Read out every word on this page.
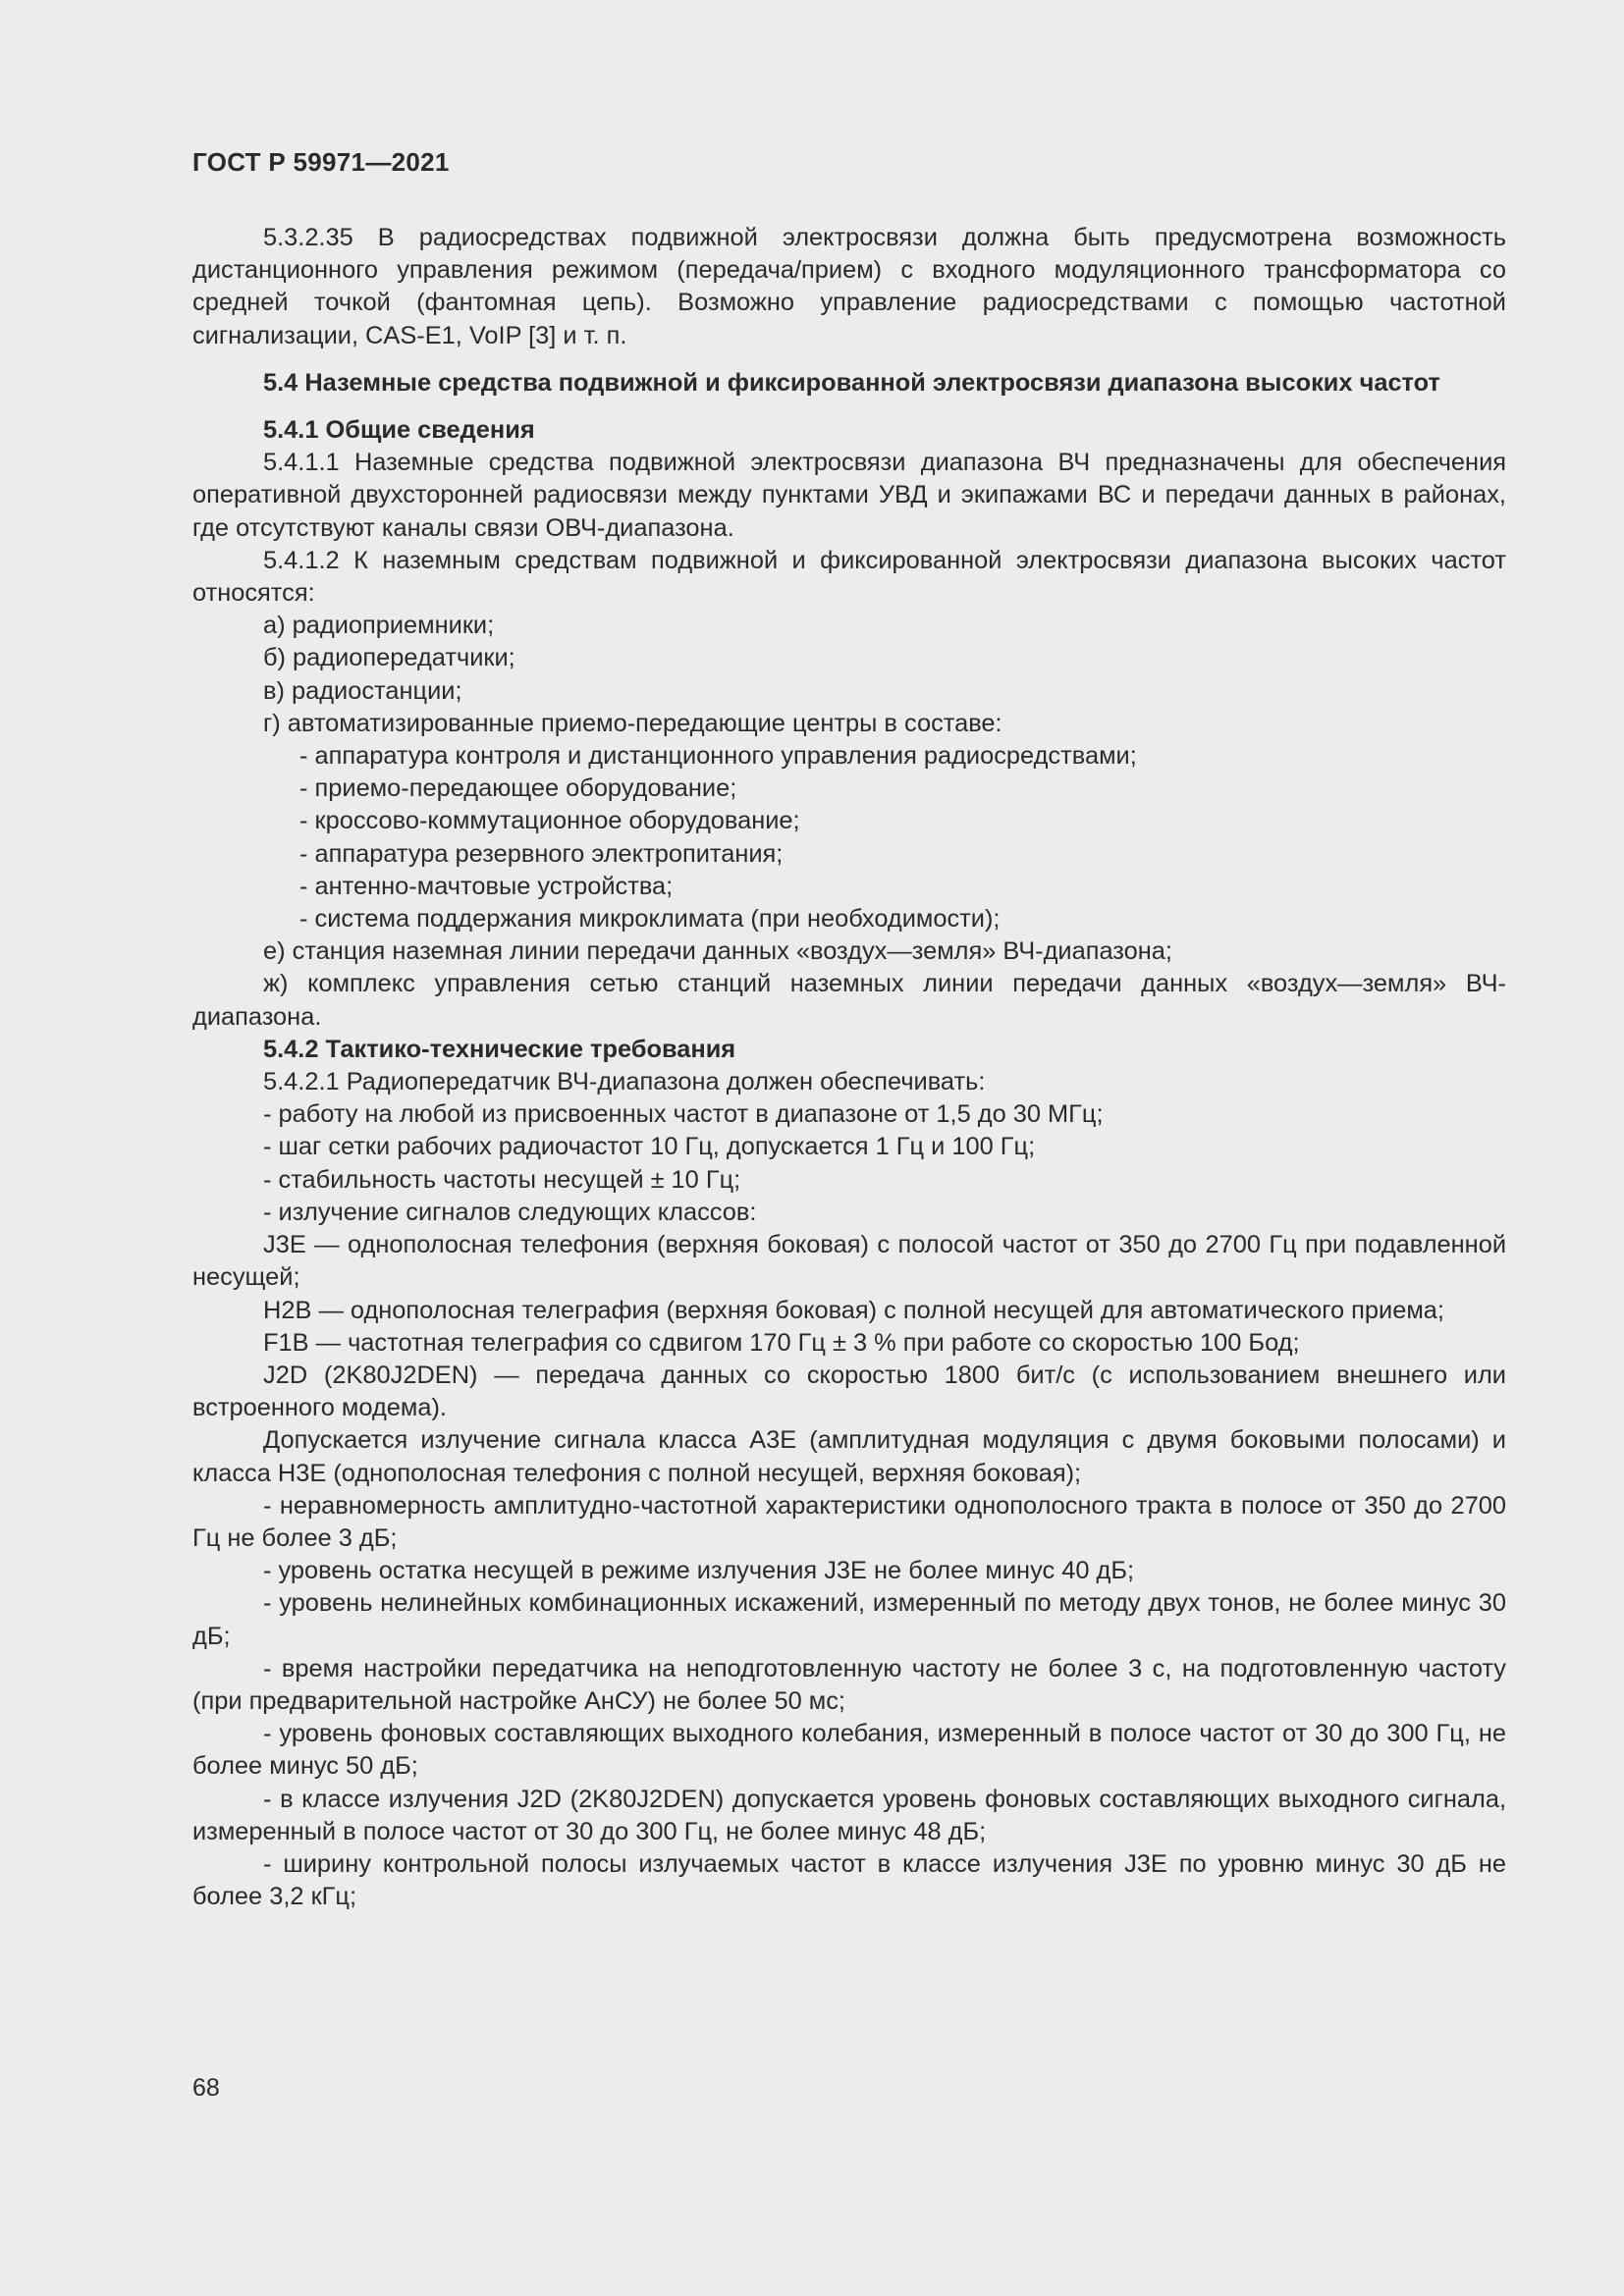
ГОСТ Р 59971—2021

5.3.2.35 В радиосредствах подвижной электросвязи должна быть предусмотрена возможность дистанционного управления режимом (передача/прием) с входного модуляционного трансформатора со средней точкой (фантомная цепь). Возможно управление радиосредствами с помощью частотной сигнализации, CAS-E1, VoIP [3] и т. п.

5.4 Наземные средства подвижной и фиксированной электросвязи диапазона высоких частот

5.4.1 Общие сведения

5.4.1.1 Наземные средства подвижной электросвязи диапазона ВЧ предназначены для обеспечения оперативной двухсторонней радиосвязи между пунктами УВД и экипажами ВС и передачи данных в районах, где отсутствуют каналы связи ОВЧ-диапазона.

5.4.1.2 К наземным средствам подвижной и фиксированной электросвязи диапазона высоких частот относятся:

а) радиоприемники;

б) радиопередатчики;

в) радиостанции;

г) автоматизированные приемо-передающие центры в составе:

- аппаратура контроля и дистанционного управления радиосредствами;

- приемо-передающее оборудование;

- кроссово-коммутационное оборудование;

- аппаратура резервного электропитания;

- антенно-мачтовые устройства;

- система поддержания микроклимата (при необходимости);

е) станция наземная линии передачи данных «воздух—земля» ВЧ-диапазона;

ж) комплекс управления сетью станций наземных линии передачи данных «воздух—земля» ВЧ-диапазона.

5.4.2 Тактико-технические требования

5.4.2.1 Радиопередатчик ВЧ-диапазона должен обеспечивать:

- работу на любой из присвоенных частот в диапазоне от 1,5 до 30 МГц;

- шаг сетки рабочих радиочастот 10 Гц, допускается 1 Гц и 100 Гц;

- стабильность частоты несущей ± 10 Гц;

- излучение сигналов следующих классов:

J3E — однополосная телефония (верхняя боковая) с полосой частот от 350 до 2700 Гц при подавленной несущей;

H2B — однополосная телеграфия (верхняя боковая) с полной несущей для автоматического приема;

F1B — частотная телеграфия со сдвигом 170 Гц ± 3 % при работе со скоростью 100 Бод;

J2D (2K80J2DEN) — передача данных со скоростью 1800 бит/с (с использованием внешнего или встроенного модема).

Допускается излучение сигнала класса А3Е (амплитудная модуляция с двумя боковыми полосами) и класса Н3Е (однополосная телефония с полной несущей, верхняя боковая);

- неравномерность амплитудно-частотной характеристики однополосного тракта в полосе от 350 до 2700 Гц не более 3 дБ;

- уровень остатка несущей в режиме излучения J3E не более минус 40 дБ;

- уровень нелинейных комбинационных искажений, измеренный по методу двух тонов, не более минус 30 дБ;

- время настройки передатчика на неподготовленную частоту не более 3 с, на подготовленную частоту (при предварительной настройке АнСУ) не более 50 мс;

- уровень фоновых составляющих выходного колебания, измеренный в полосе частот от 30 до 300 Гц, не более минус 50 дБ;

- в классе излучения J2D (2K80J2DEN) допускается уровень фоновых составляющих выходного сигнала, измеренный в полосе частот от 30 до 300 Гц, не более минус 48 дБ;

- ширину контрольной полосы излучаемых частот в классе излучения J3E по уровню минус 30 дБ не более 3,2 кГц;

68
